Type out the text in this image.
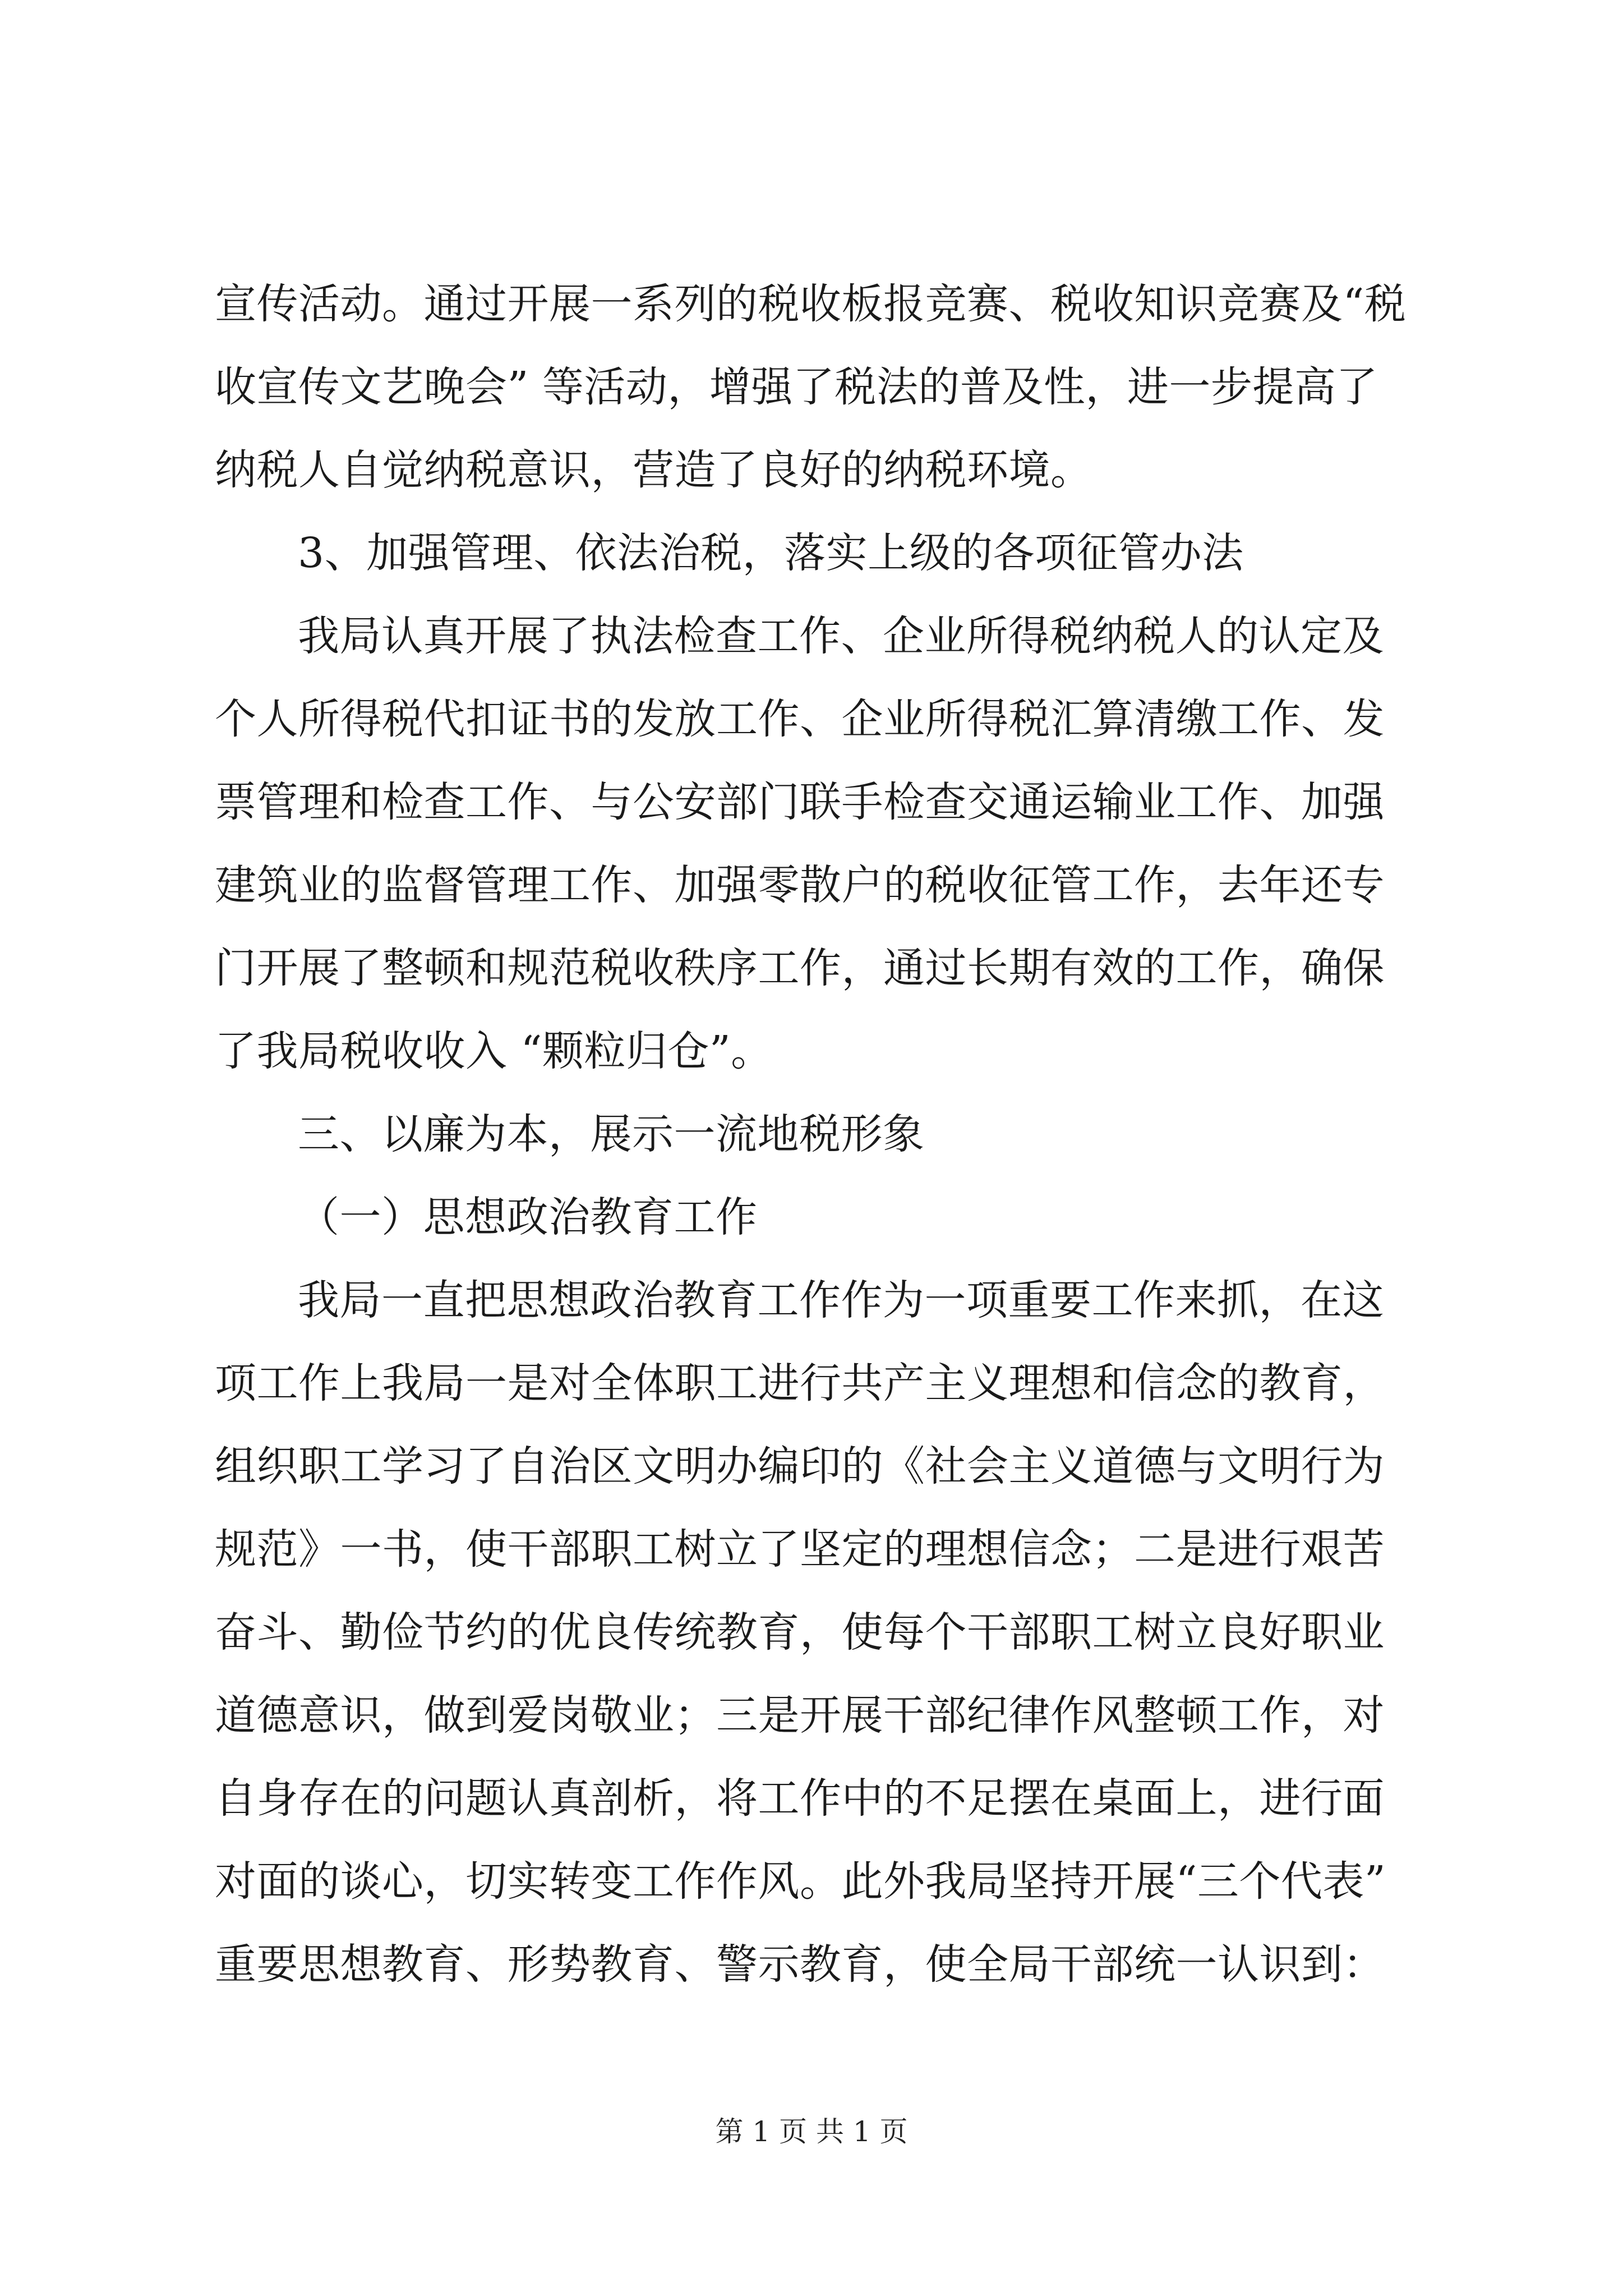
宣传活动。通过开展一系列的税收板报竞赛、税收知识竞赛及“税
收宣传文艺晚会” 等活动，增强了税法的普及性，进一步提高了
纳税人自觉纳税意识，营造了良好的纳税环境。
3、加强管理、依法治税，落实上级的各项征管办法
我局认真开展了执法检查工作、企业所得税纳税人的认定及
个人所得税代扣证书的发放工作、企业所得税汇算清缴工作、发
票管理和检查工作、与公安部门联手检查交通运输业工作、加强
建筑业的监督管理工作、加强零散户的税收征管工作，去年还专
门开展了整顿和规范税收秩序工作，通过长期有效的工作，确保
了我局税收收入 “颗粒归仓”。
三、以廉为本，展示一流地税形象
（一）思想政治教育工作
我局一直把思想政治教育工作作为一项重要工作来抓，在这
项工作上我局一是对全体职工进行共产主义理想和信念的教育，
组织职工学习了自治区文明办编印的《社会主义道德与文明行为
规范》一书，使干部职工树立了坚定的理想信念；二是进行艰苦
奋斗、勤俭节约的优良传统教育，使每个干部职工树立良好职业
道德意识，做到爱岗敬业；三是开展干部纪律作风整顿工作，对
自身存在的问题认真剖析，将工作中的不足摆在桌面上，进行面
对面的谈心，切实转变工作作风。此外我局坚持开展“三个代表”
重要思想教育、形势教育、警示教育，使全局干部统一认识到：
第 1 页 共 1 页
